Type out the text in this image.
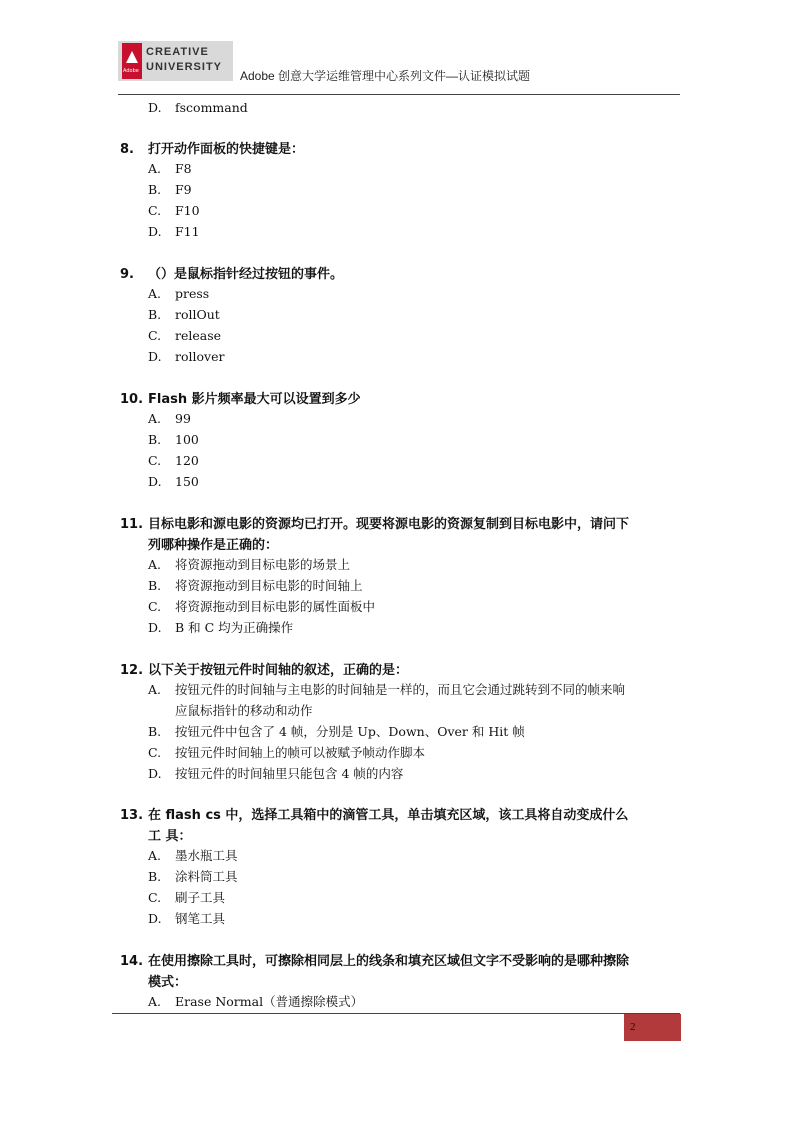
Adobe
CREATIVE
UNIVERSITY
Adobe 创意大学运维管理中心系列文件—认证模拟试题
D. fscommand
8. 打开动作面板的快捷键是：
A. F8
B. F9
C. F10
D. F11
9. （）是鼠标指针经过按钮的事件。
A. press
B. rollOut
C. release
D. rollover
10. Flash 影片频率最大可以设置到多少
A. 99
B. 100
C. 120
D. 150
11. 目标电影和源电影的资源均已打开。现要将源电影的资源复制到目标电影中，请问下
列哪种操作是正确的：
A. 将资源拖动到目标电影的场景上
B. 将资源拖动到目标电影的时间轴上
C. 将资源拖动到目标电影的属性面板中
D. B 和 C 均为正确操作
12. 以下关于按钮元件时间轴的叙述，正确的是：
A. 按钮元件的时间轴与主电影的时间轴是一样的，而且它会通过跳转到不同的帧来响
应鼠标指针的移动和动作
B. 按钮元件中包含了 4 帧，分别是 Up、Down、Over 和 Hit 帧
C. 按钮元件时间轴上的帧可以被赋予帧动作脚本
D. 按钮元件的时间轴里只能包含 4 帧的内容
13. 在 flash cs 中，选择工具箱中的滴管工具，单击填充区域，该工具将自动变成什么
工 具：
A. 墨水瓶工具
B. 涂料筒工具
C. 刷子工具
D. 钢笔工具
14. 在使用擦除工具时，可擦除相同层上的线条和填充区域但文字不受影响的是哪种擦除
模式：
A. Erase Normal（普通擦除模式）
2
